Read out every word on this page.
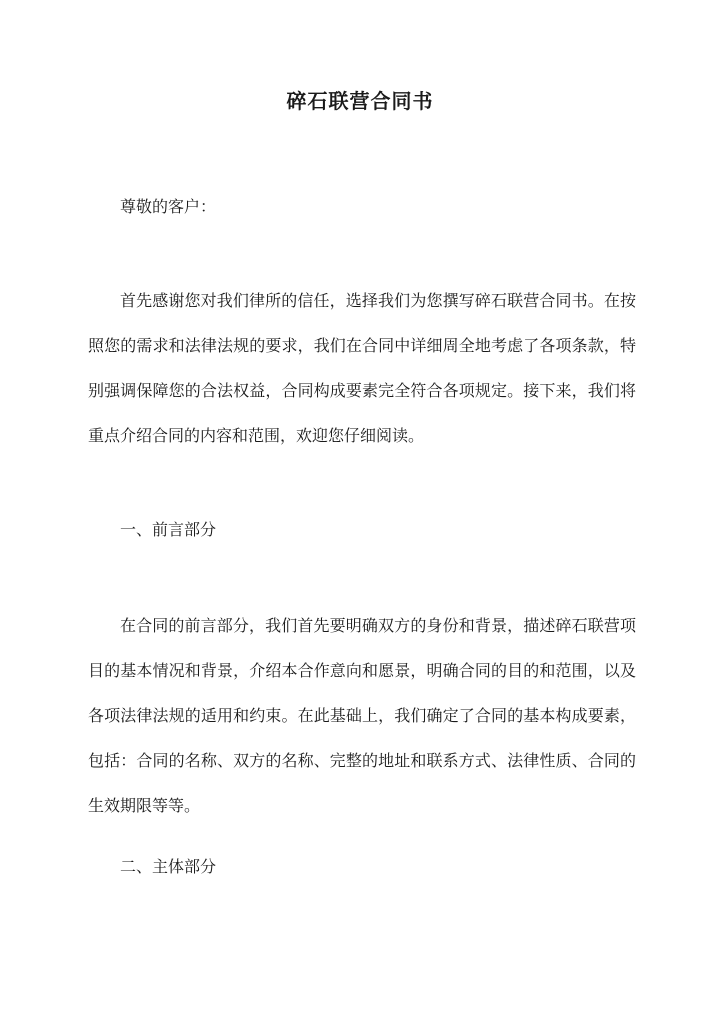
碎石联营合同书

尊敬的客户：

首先感谢您对我们律所的信任，选择我们为您撰写碎石联营合同书。在按照您的需求和法律法规的要求，我们在合同中详细周全地考虑了各项条款，特别强调保障您的合法权益，合同构成要素完全符合各项规定。接下来，我们将重点介绍合同的内容和范围，欢迎您仔细阅读。

一、前言部分

在合同的前言部分，我们首先要明确双方的身份和背景，描述碎石联营项目的基本情况和背景，介绍本合作意向和愿景，明确合同的目的和范围，以及各项法律法规的适用和约束。在此基础上，我们确定了合同的基本构成要素，包括：合同的名称、双方的名称、完整的地址和联系方式、法律性质、合同的生效期限等等。

二、主体部分
